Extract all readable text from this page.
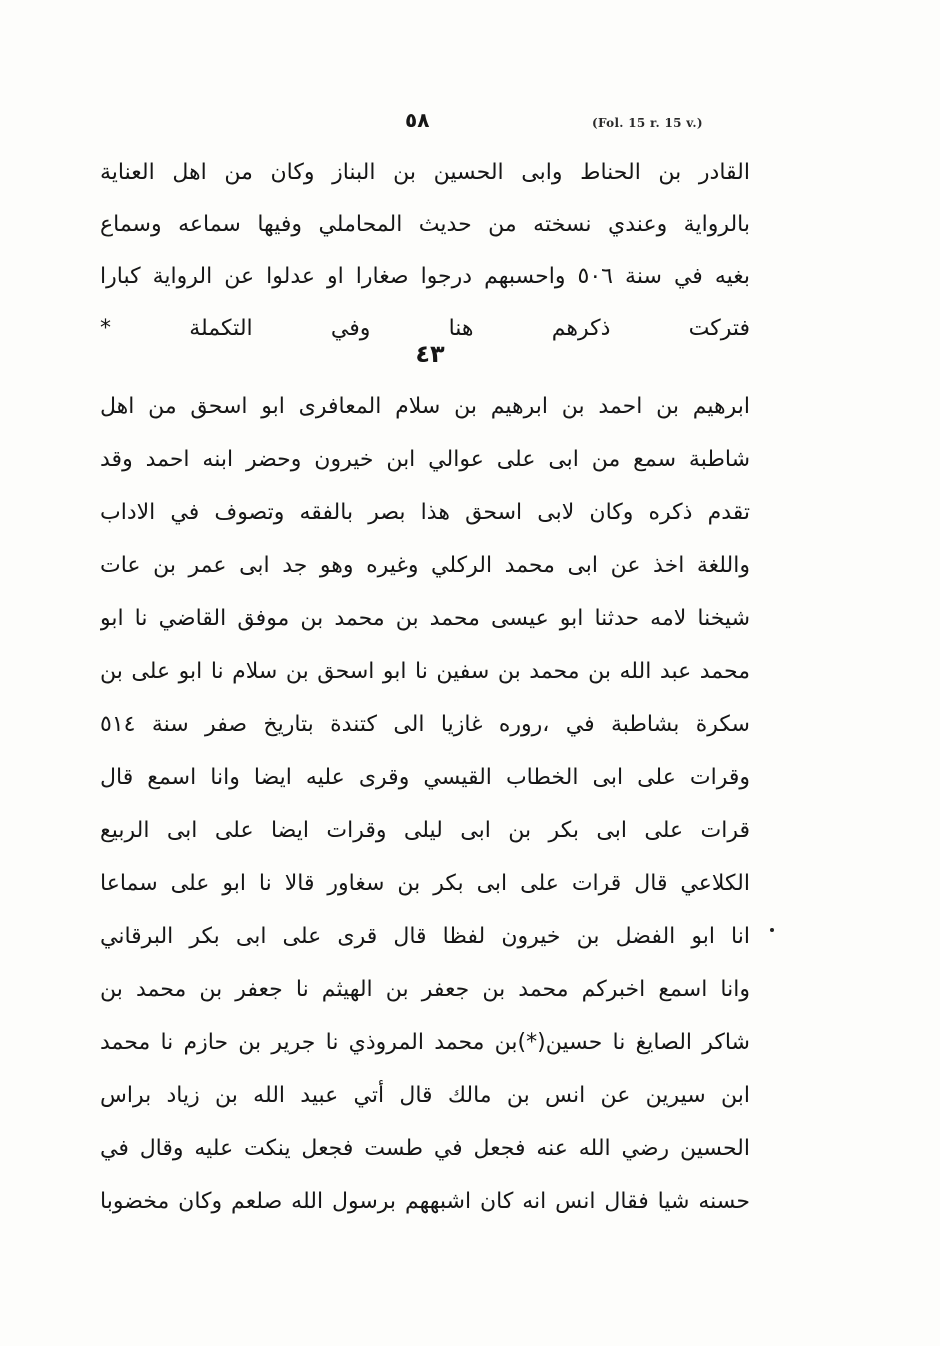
٥٨	(Fol. 15 r. 15 v.)
القادر بن الحناط وابى الحسين بن البناز وكان من اهل العناية
بالرواية وعندي نسخته من حديث المحاملي وفيها سماعه وسماع
بغيه في سنة ٥٠٦ واحسبهم درجوا صغارا او عدلوا عن الرواية كبارا
فتركت ذكرهم هنا وفي التكملة *
٤٣
ابرهيم بن احمد بن ابرهيم بن سلام المعافرى ابو اسحق من اهل
شاطبة سمع من ابى على عوالي ابن خيرون وحضر ابنه احمد وقد
تقدم ذكره وكان لابى اسحق هذا بصر بالفقه وتصوف في الاداب
واللغة اخذ عن ابى محمد الركلي وغيره وهو جد ابى عمر بن عات
شيخنا لامه حدثنا ابو عيسى محمد بن محمد بن موفق القاضي نا ابو
محمد عبد الله بن محمد بن سفين نا ابو اسحق بن سلام نا ابو على بن
سكرة بشاطبة في ،روره غازيا الى كتندة بتاريخ صفر سنة ٥١٤
وقرات على ابى الخطاب القيسي وقرى عليه ايضا وانا اسمع قال
قرات على ابى بكر بن ابى ليلى وقرات ايضا على ابى الربيع
الكلاعي قال قرات على ابى بكر بن سغاور قالا نا ابو على سماعا
انا ابو الفضل بن خيرون لفظا قال قرى على ابى بكر البرقاني
وانا اسمع اخبركم محمد بن جعفر بن الهيثم نا جعفر بن محمد بن
شاكر الصايغ نا حسين(*)بن محمد المروذي نا جرير بن حازم نا محمد
ابن سيرين عن انس بن مالك قال أتي عبيد الله بن زياد براس
الحسين رضي الله عنه فجعل في طست فجعل ينكت عليه وقال في
حسنه شيا فقال انس انه كان اشبههم برسول الله صلعم وكان مخضوبا
